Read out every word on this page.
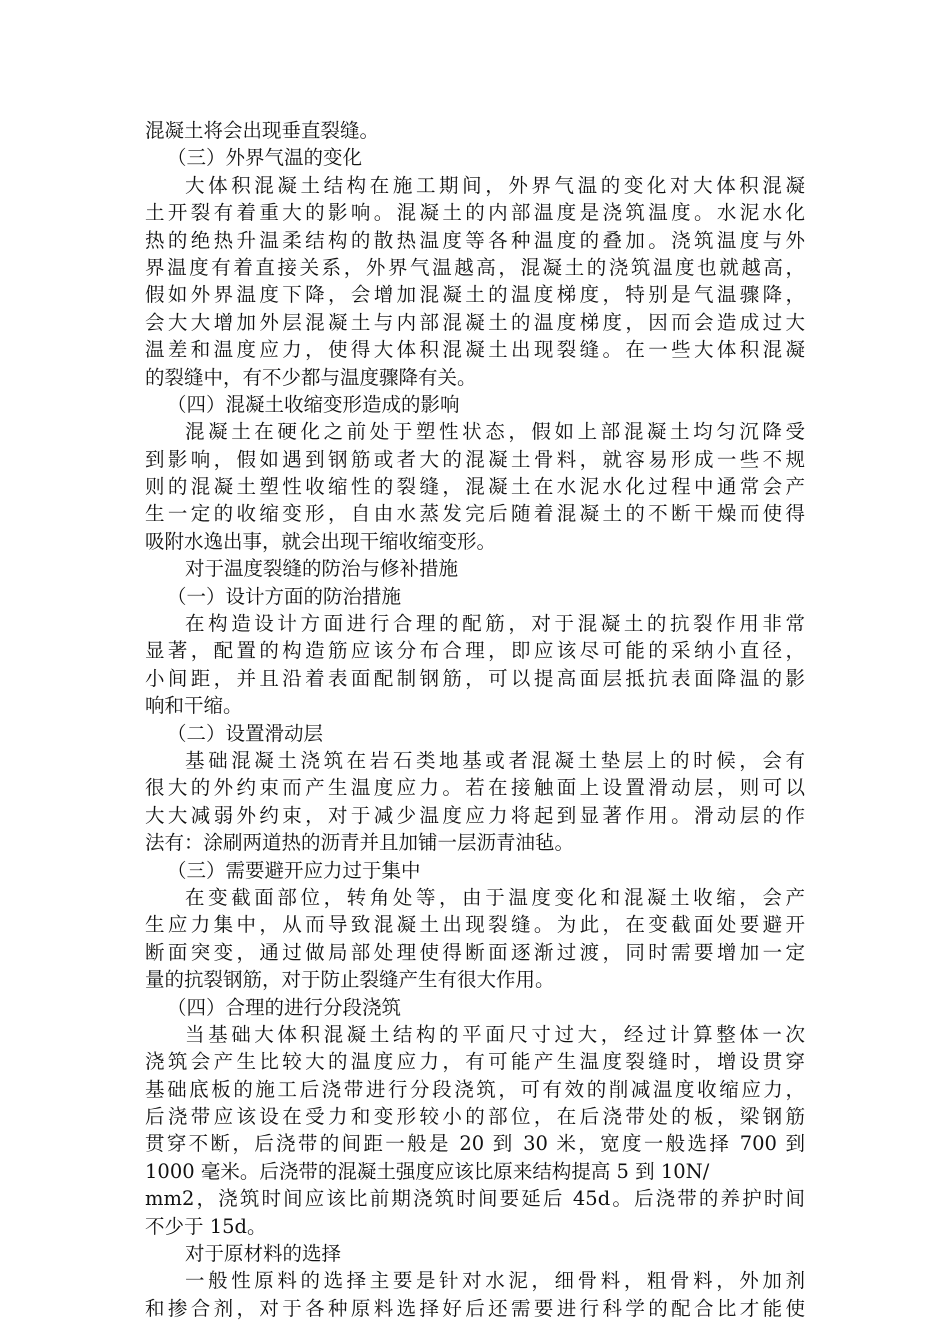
混凝土将会出现垂直裂缝。
（三）外界气温的变化
大体积混凝土结构在施工期间，外界气温的变化对大体积混凝
土开裂有着重大的影响。混凝土的内部温度是浇筑温度。水泥水化
热的绝热升温柔结构的散热温度等各种温度的叠加。浇筑温度与外
界温度有着直接关系，外界气温越高，混凝土的浇筑温度也就越高，
假如外界温度下降，会增加混凝土的温度梯度，特别是气温骤降，
会大大增加外层混凝土与内部混凝土的温度梯度，因而会造成过大
温差和温度应力，使得大体积混凝土出现裂缝。在一些大体积混凝
的裂缝中，有不少都与温度骤降有关。
（四）混凝土收缩变形造成的影响
混凝土在硬化之前处于塑性状态，假如上部混凝土均匀沉降受
到影响，假如遇到钢筋或者大的混凝土骨料，就容易形成一些不规
则的混凝土塑性收缩性的裂缝，混凝土在水泥水化过程中通常会产
生一定的收缩变形，自由水蒸发完后随着混凝土的不断干燥而使得
吸附水逸出事，就会出现干缩收缩变形。
对于温度裂缝的防治与修补措施
（一）设计方面的防治措施
在构造设计方面进行合理的配筋，对于混凝土的抗裂作用非常
显著，配置的构造筋应该分布合理，即应该尽可能的采纳小直径，
小间距，并且沿着表面配制钢筋，可以提高面层抵抗表面降温的影
响和干缩。
（二）设置滑动层
基础混凝土浇筑在岩石类地基或者混凝土垫层上的时候，会有
很大的外约束而产生温度应力。若在接触面上设置滑动层，则可以
大大减弱外约束，对于减少温度应力将起到显著作用。滑动层的作
法有：涂刷两道热的沥青并且加铺一层沥青油毡。
（三）需要避开应力过于集中
在变截面部位，转角处等，由于温度变化和混凝土收缩，会产
生应力集中，从而导致混凝土出现裂缝。为此，在变截面处要避开
断面突变，通过做局部处理使得断面逐渐过渡，同时需要增加一定
量的抗裂钢筋，对于防止裂缝产生有很大作用。
（四）合理的进行分段浇筑
当基础大体积混凝土结构的平面尺寸过大，经过计算整体一次
浇筑会产生比较大的温度应力，有可能产生温度裂缝时，增设贯穿
基础底板的施工后浇带进行分段浇筑，可有效的削减温度收缩应力，
后浇带应该设在受力和变形较小的部位，在后浇带处的板，梁钢筋
贯穿不断，后浇带的间距一般是 20 到 30 米，宽度一般选择 700 到
1000 毫米。后浇带的混凝土强度应该比原来结构提高 5 到 10N/
mm2，浇筑时间应该比前期浇筑时间要延后 45d。后浇带的养护时间
不少于 15d。
对于原材料的选择
一般性原料的选择主要是针对水泥，细骨料，粗骨料，外加剂
和掺合剂，对于各种原料选择好后还需要进行科学的配合比才能使
